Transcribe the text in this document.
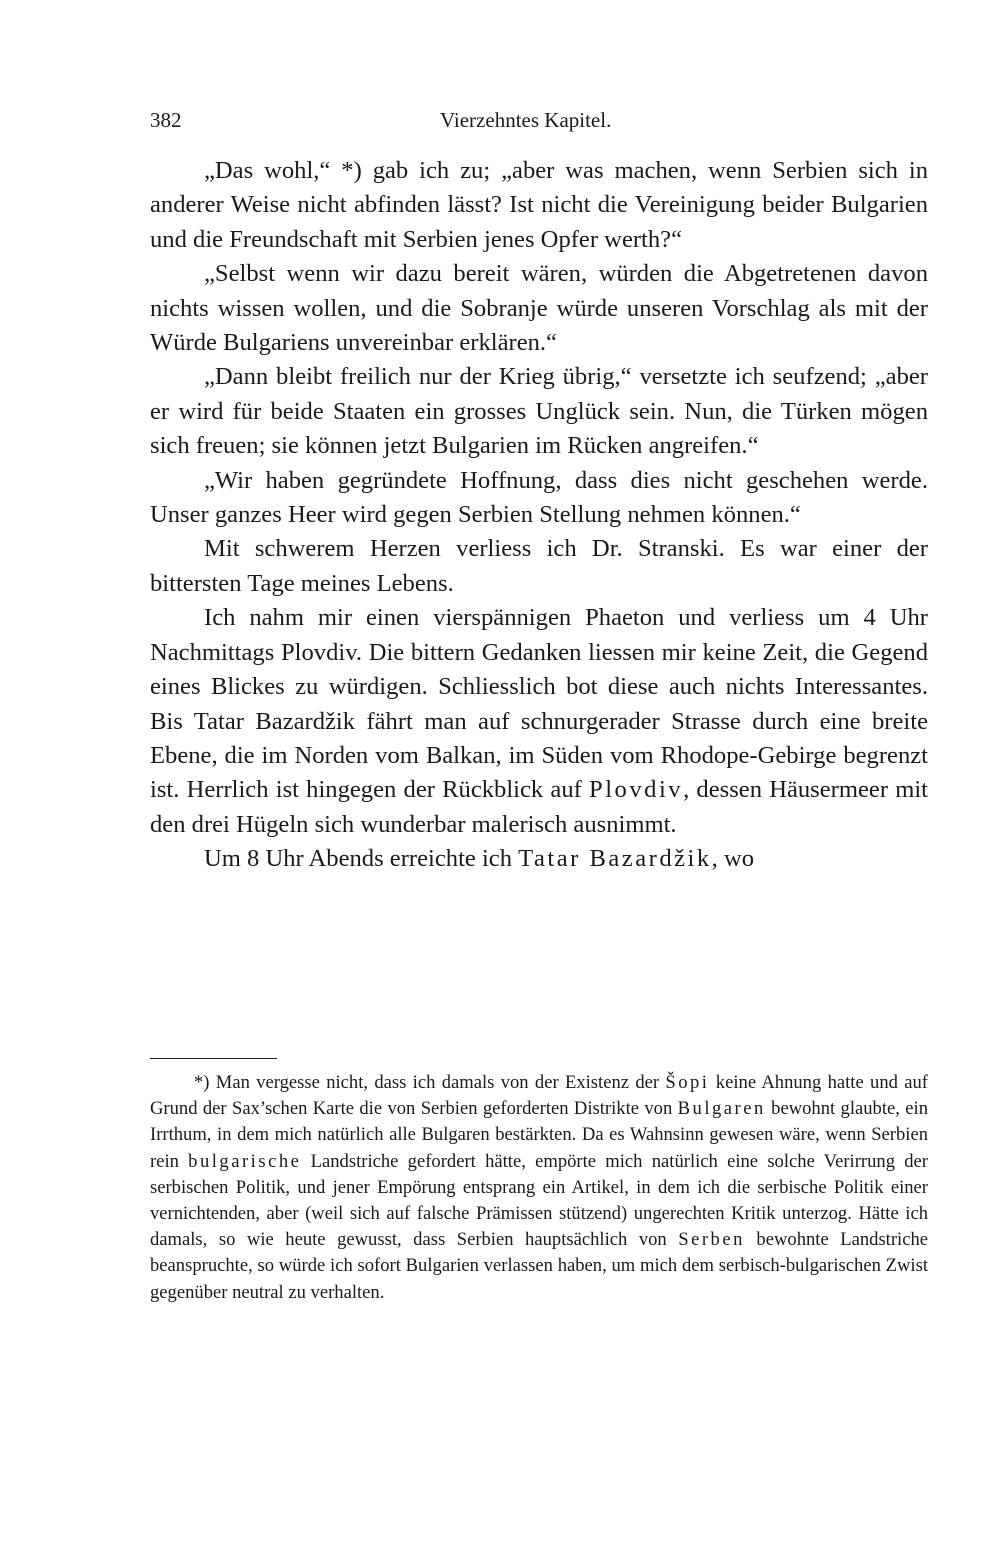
382	Vierzehntes Kapitel.

„Das wohl,“ *) gab ich zu; „aber was machen, wenn Serbien sich in anderer Weise nicht abfinden lässt? Ist nicht die Vereinigung beider Bulgarien und die Freundschaft mit Serbien jenes Opfer werth?“

„Selbst wenn wir dazu bereit wären, würden die Abgetretenen davon nichts wissen wollen, und die Sobranje würde unseren Vorschlag als mit der Würde Bulgariens unvereinbar erklären.“

„Dann bleibt freilich nur der Krieg übrig,“ versetzte ich seufzend; „aber er wird für beide Staaten ein grosses Unglück sein. Nun, die Türken mögen sich freuen; sie können jetzt Bulgarien im Rücken angreifen.“

„Wir haben gegründete Hoffnung, dass dies nicht geschehen werde. Unser ganzes Heer wird gegen Serbien Stellung nehmen können.“

Mit schwerem Herzen verliess ich Dr. Stranski. Es war einer der bittersten Tage meines Lebens.

Ich nahm mir einen vierspännigen Phaeton und verliess um 4 Uhr Nachmittags Plovdiv. Die bittern Gedanken liessen mir keine Zeit, die Gegend eines Blickes zu würdigen. Schliesslich bot diese auch nichts Interessantes. Bis Tatar Bazardžik fährt man auf schnurgerader Strasse durch eine breite Ebene, die im Norden vom Balkan, im Süden vom Rhodope-Gebirge begrenzt ist. Herrlich ist hingegen der Rückblick auf Plovdiv, dessen Häusermeer mit den drei Hügeln sich wunderbar malerisch ausnimmt.

Um 8 Uhr Abends erreichte ich Tatar Bazardžik, wo

*) Man vergesse nicht, dass ich damals von der Existenz der Šopi keine Ahnung hatte und auf Grund der Sax’schen Karte die von Serbien geforderten Distrikte von Bulgaren bewohnt glaubte, ein Irrthum, in dem mich natürlich alle Bulgaren bestärkten. Da es Wahnsinn gewesen wäre, wenn Serbien rein bulgarische Landstriche gefordert hätte, empörte mich natürlich eine solche Verirrung der serbischen Politik, und jener Empörung entsprang ein Artikel, in dem ich die serbische Politik einer vernichtenden, aber (weil sich auf falsche Prämissen stützend) ungerechten Kritik unterzog. Hätte ich damals, so wie heute gewusst, dass Serbien hauptsächlich von Serben bewohnte Landstriche beanspruchte, so würde ich sofort Bulgarien verlassen haben, um mich dem serbisch-bulgarischen Zwist gegenüber neutral zu verhalten.
